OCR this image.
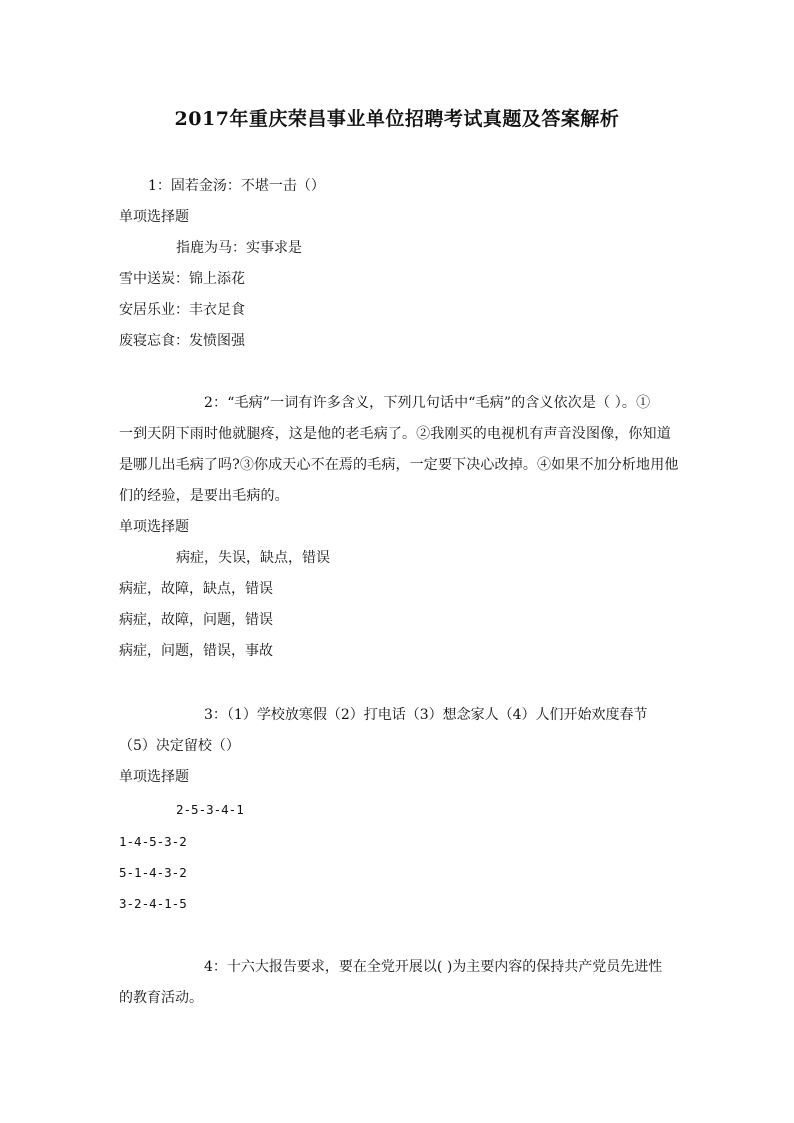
2017年重庆荣昌事业单位招聘考试真题及答案解析
1：固若金汤：不堪一击（）
单项选择题
指鹿为马：实事求是
雪中送炭：锦上添花
安居乐业：丰衣足食
废寝忘食：发愤图强
2：“毛病”一词有许多含义，下列几句话中“毛病”的含义依次是（ ）。①
一到天阴下雨时他就腿疼，这是他的老毛病了。②我刚买的电视机有声音没图像，你知道
是哪儿出毛病了吗?③你成天心不在焉的毛病，一定要下决心改掉。④如果不加分析地用他
们的经验，是要出毛病的。
单项选择题
病症，失误，缺点，错误
病症，故障，缺点，错误
病症，故障，问题，错误
病症，问题，错误，事故
3：（1）学校放寒假（2）打电话（3）想念家人（4）人们开始欢度春节
（5）决定留校（）
单项选择题
2-5-3-4-1
1-4-5-3-2
5-1-4-3-2
3-2-4-1-5
4：十六大报告要求，要在全党开展以( )为主要内容的保持共产党员先进性
的教育活动。
